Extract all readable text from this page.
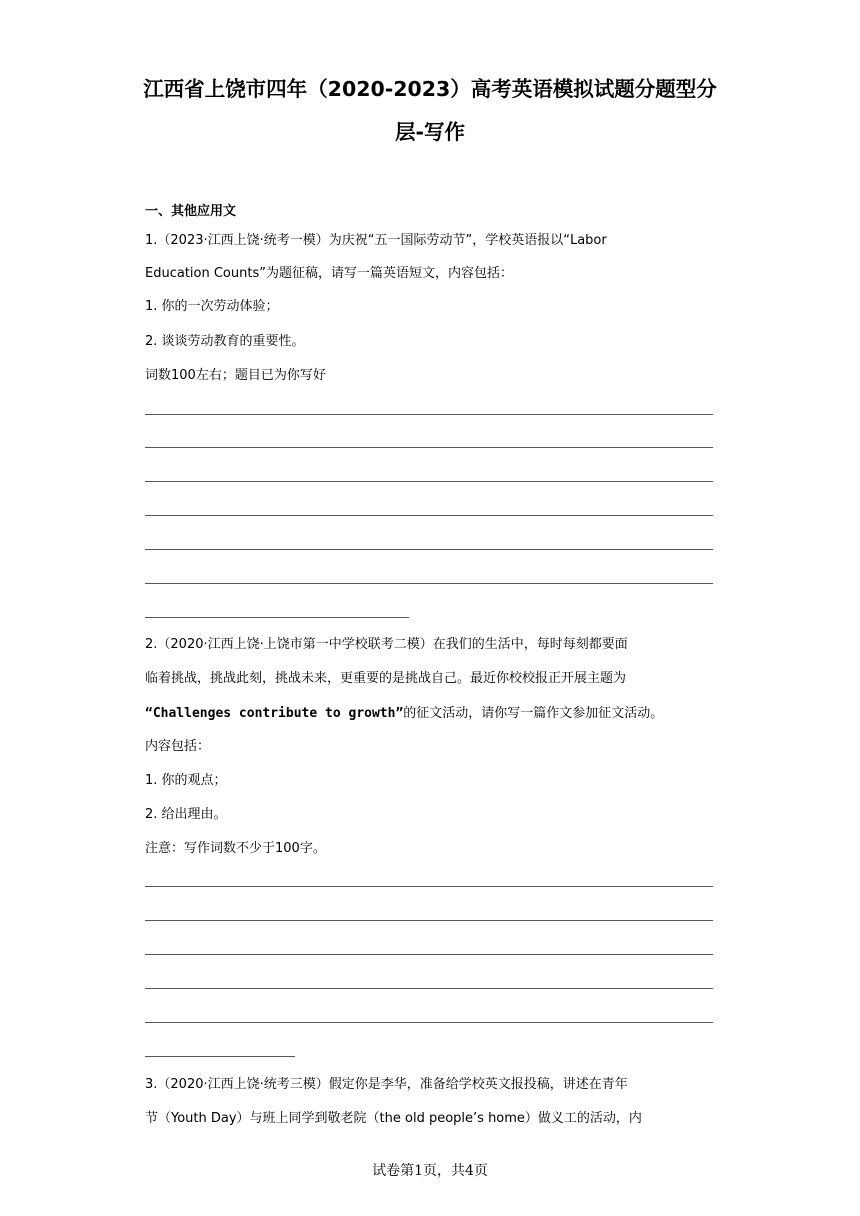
江西省上饶市四年（2020-2023）高考英语模拟试题分题型分
层-写作
一、其他应用文
1.（2023·江西上饶·统考一模）为庆祝“五一国际劳动节”，学校英语报以“Labor
Education Counts”为题征稿，请写一篇英语短文，内容包括：
1. 你的一次劳动体验；
2. 谈谈劳动教育的重要性。
词数100左右；题目已为你写好
2.（2020·江西上饶·上饶市第一中学校联考二模）在我们的生活中，每时每刻都要面
临着挑战，挑战此刻，挑战未来，更重要的是挑战自己。最近你校校报正开展主题为
“Challenges contribute to growth”的征文活动，请你写一篇作文参加征文活动。
内容包括：
1. 你的观点；
2. 给出理由。
注意：写作词数不少于100字。
3.（2020·江西上饶·统考三模）假定你是李华，准备给学校英文报投稿，讲述在青年
节（Youth Day）与班上同学到敬老院（the old people’s home）做义工的活动，内
试卷第1页，共4页
